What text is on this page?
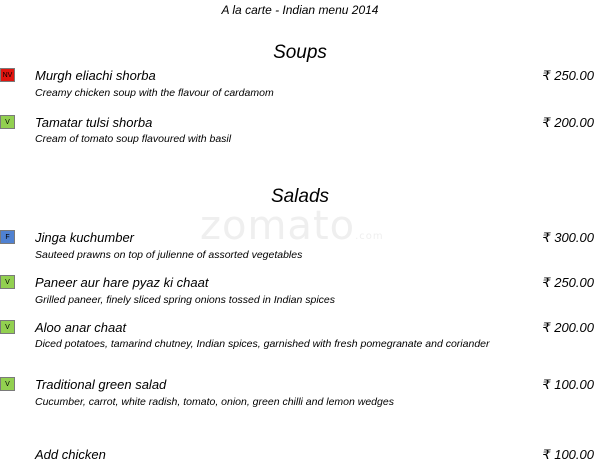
zomato.com
A la carte - Indian menu 2014
Soups
NV Murgh eliachi shorba	₹ 250.00
Creamy chicken soup with the flavour of cardamom
V	Tamatar tulsi shorba	₹ 200.00
Cream of tomato soup flavoured with basil
Salads
F	Jinga kuchumber	₹ 300.00
Sauteed prawns on top of julienne of assorted vegetables
V	Paneer aur hare pyaz ki chaat	₹ 250.00
Grilled paneer, finely sliced spring onions tossed in Indian spices
V	Aloo anar chaat	₹ 200.00
Diced potatoes, tamarind chutney, Indian spices, garnished with fresh pomegranate and coriander
V	Traditional green salad	₹ 100.00
Cucumber, carrot, white radish, tomato, onion, green chilli and lemon wedges
Add chicken	₹ 100.00
